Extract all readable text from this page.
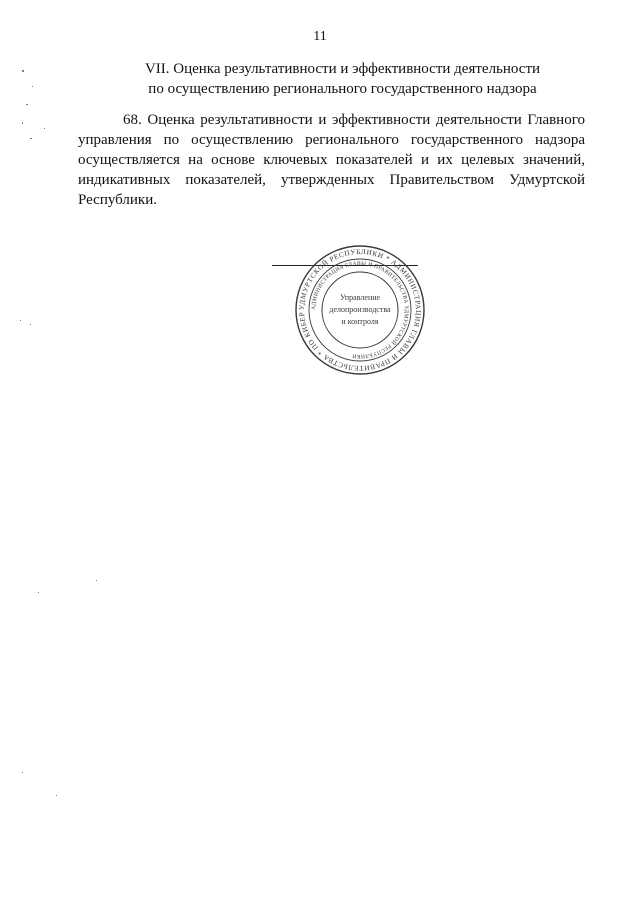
11
VII. Оценка результативности и эффективности деятельности
по осуществлению регионального государственного надзора
68. Оценка результативности и эффективности деятельности Главного
управления по осуществлению регионального государственного надзора
осуществляется на основе ключевых показателей и их целевых значений,
индикативных показателей, утвержденных Правительством Удмуртской
Республики.
УДМУРТСКОЙ РЕСПУБЛИКИ * АДМИНИСТРАЦИЯ ГЛАВЫ И ПРАВИТЕЛЬСТВА * ПО КИБЕР
АДМИНИСТРАЦИЯ ГЛАВЫ И ПРАВИТЕЛЬСТВА УДМУРТСКОЙ РЕСПУБЛИКИ
Управление
делопроизводства
и контроля
